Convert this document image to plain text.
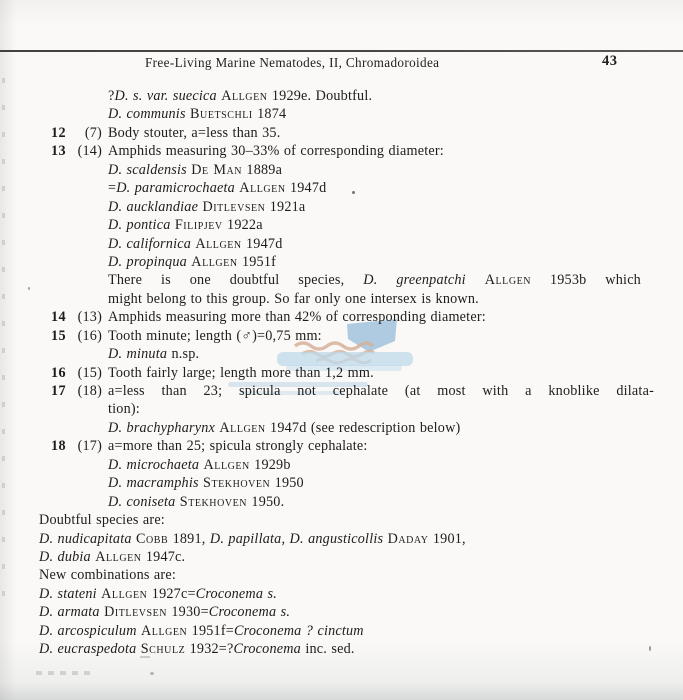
Free-Living Marine Nematodes, II, Chromadoroidea	43
?D. s. var. suecica Allgen 1929e. Doubtful.
D. communis Buetschli 1874
12	(7) Body stouter, a=less than 35.
13 (14) Amphids measuring 30–33% of corresponding diameter:
D. scaldensis De Man 1889a
=D. paramicrochaeta Allgen 1947d
D. aucklandiae Ditlevsen 1921a
D. pontica Filipjev 1922a
D. californica Allgen 1947d
D. propinqua Allgen 1951f
There is one doubtful species, D. greenpatchi Allgen 1953b which
might belong to this group. So far only one intersex is known.
14 (13) Amphids measuring more than 42% of corresponding diameter:
15 (16) Tooth minute; length (♂)=0,75 mm:
D. minuta n.sp.
16 (15) Tooth fairly large; length more than 1,2 mm.
17 (18) a=less than 23; spicula not cephalate (at most with a knoblike dilata-
tion):
D. brachypharynx Allgen 1947d (see redescription below)
18 (17) a=more than 25; spicula strongly cephalate:
D. microchaeta Allgen 1929b
D. macramphis Stekhoven 1950
D. coniseta Stekhoven 1950.
Doubtful species are:
D. nudicapitata Cobb 1891, D. papillata, D. angusticollis Daday 1901,
D. dubia Allgen 1947c.
New combinations are:
D. stateni Allgen 1927c=Croconema s.
D. armata Ditlevsen 1930=Croconema s.
D. arcospiculum Allgen 1951f=Croconema ? cinctum
D. eucraspedota Schulz 1932=?Croconema inc. sed.
